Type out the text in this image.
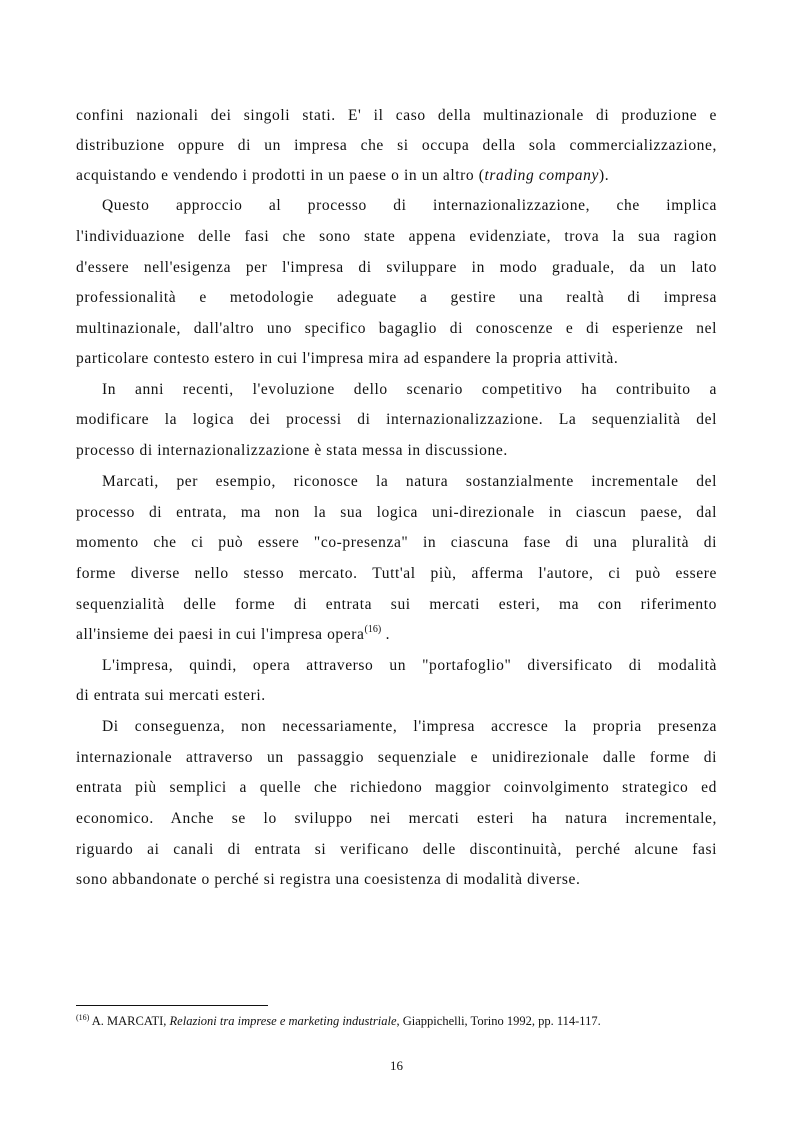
confini nazionali dei singoli stati. E' il caso della multinazionale di produzione e

distribuzione oppure di un impresa che si occupa della sola commercializzazione,

acquistando e vendendo i prodotti in un paese o in un altro (trading company).

Questo approccio al processo di internazionalizzazione, che implica

l'individuazione delle fasi che sono state appena evidenziate, trova la sua ragion

d'essere nell'esigenza per l'impresa di sviluppare in modo graduale, da un lato

professionalità e metodologie adeguate a gestire una realtà di impresa

multinazionale, dall'altro uno specifico bagaglio di conoscenze e di esperienze nel

particolare contesto estero in cui l'impresa mira ad espandere la propria attività.

In anni recenti, l'evoluzione dello scenario competitivo ha contribuito a

modificare la logica dei processi di internazionalizzazione. La sequenzialità del

processo di internazionalizzazione è stata messa in discussione.

Marcati, per esempio, riconosce la natura sostanzialmente incrementale del

processo di entrata, ma non la sua logica uni-direzionale in ciascun paese, dal

momento che ci può essere "co-presenza" in ciascuna fase di una pluralità di

forme diverse nello stesso mercato. Tutt'al più, afferma l'autore, ci può essere

sequenzialità delle forme di entrata sui mercati esteri, ma con riferimento

all'insieme dei paesi in cui l'impresa opera$^{(16)}$ .

L'impresa, quindi, opera attraverso un "portafoglio" diversificato di modalità

di entrata sui mercati esteri.

Di conseguenza, non necessariamente, l'impresa accresce la propria presenza

internazionale attraverso un passaggio sequenziale e unidirezionale dalle forme di

entrata più semplici a quelle che richiedono maggior coinvolgimento strategico ed

economico. Anche se lo sviluppo nei mercati esteri ha natura incrementale,

riguardo ai canali di entrata si verificano delle discontinuità, perché alcune fasi

sono abbandonate o perché si registra una coesistenza di modalità diverse.

$^{(16)}$ A. MARCATI, Relazioni tra imprese e marketing industriale, Giappichelli, Torino 1992, pp. 114-117.

16
